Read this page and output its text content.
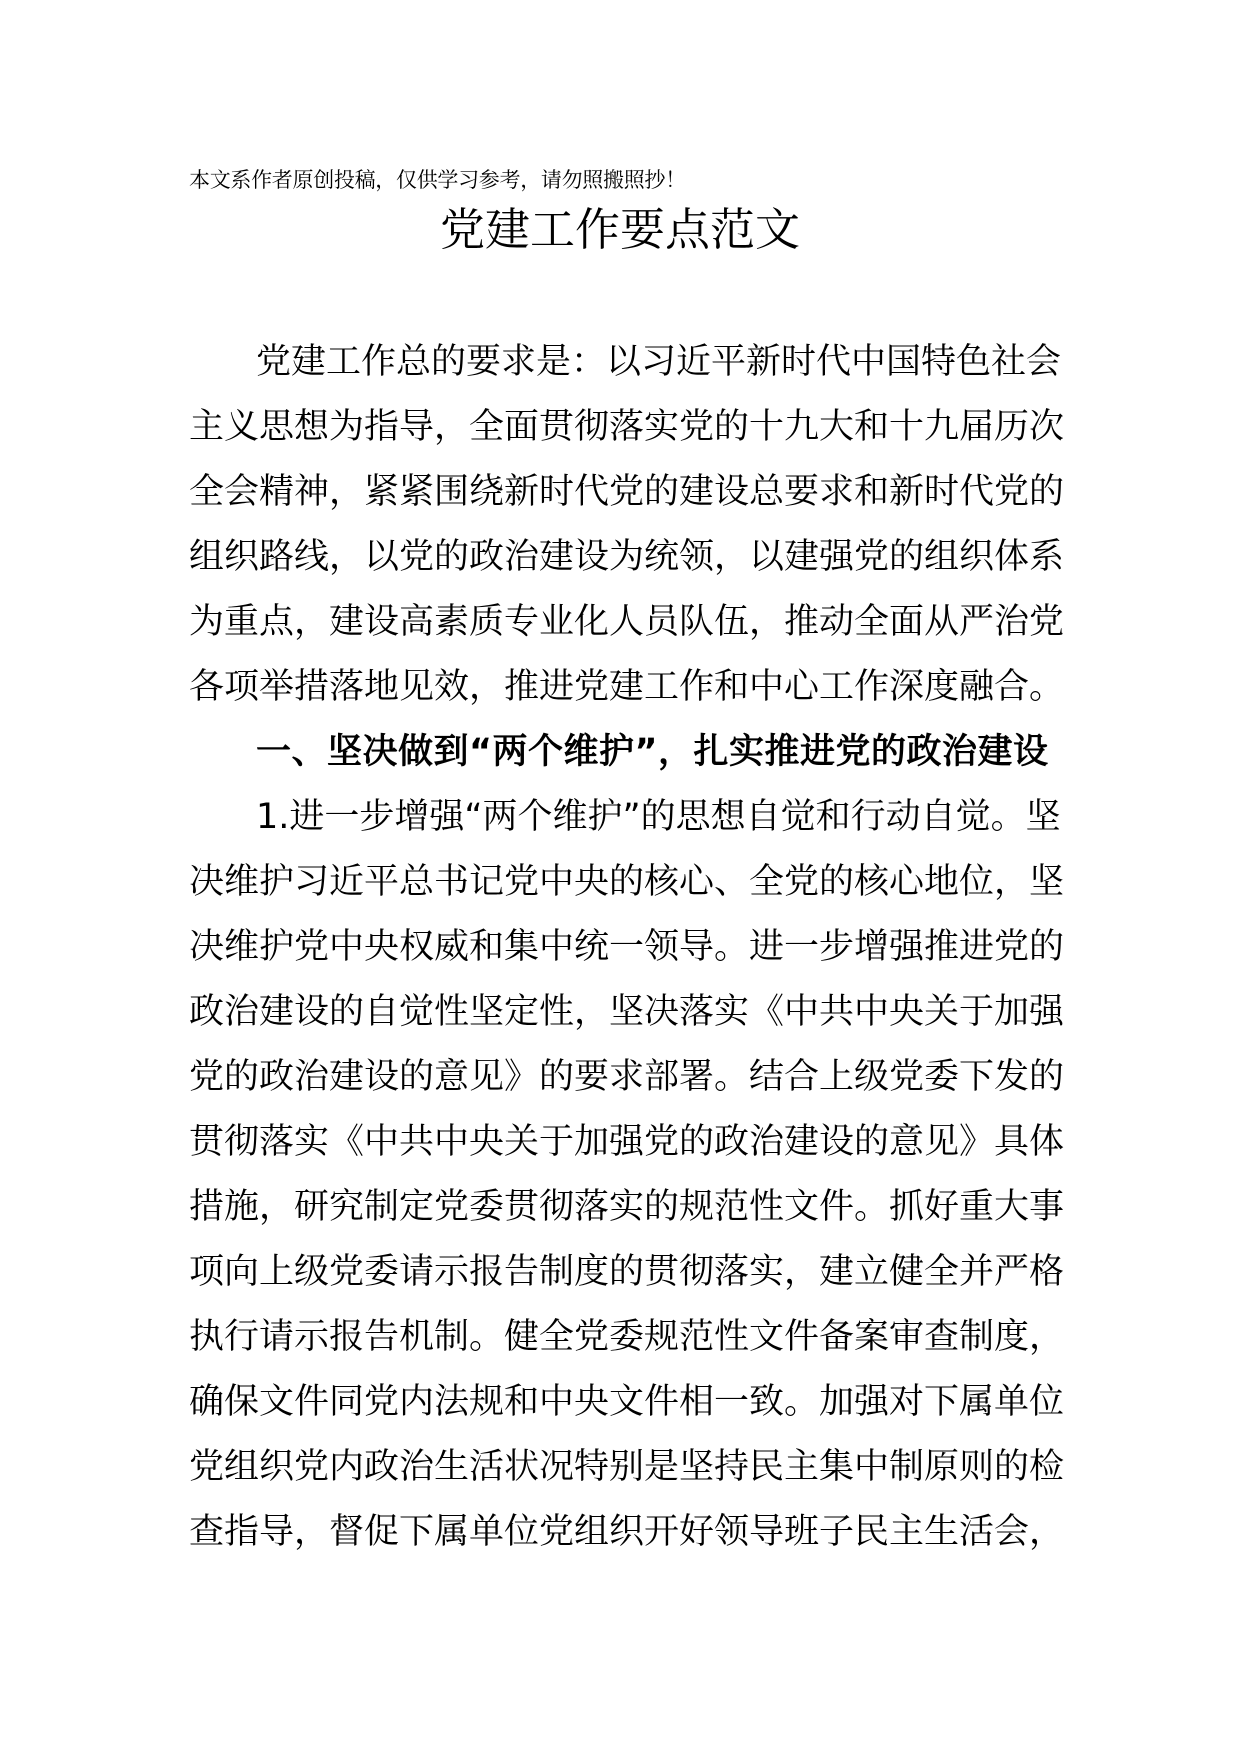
本文系作者原创投稿，仅供学习参考，请勿照搬照抄！
党建工作要点范文
党建工作总的要求是：以习近平新时代中国特色社会
主义思想为指导，全面贯彻落实党的十九大和十九届历次
全会精神，紧紧围绕新时代党的建设总要求和新时代党的
组织路线，以党的政治建设为统领，以建强党的组织体系
为重点，建设高素质专业化人员队伍，推动全面从严治党
各项举措落地见效，推进党建工作和中心工作深度融合。
一、坚决做到“两个维护”，扎实推进党的政治建设
1.进一步增强“两个维护”的思想自觉和行动自觉。坚
决维护习近平总书记党中央的核心、全党的核心地位，坚
决维护党中央权威和集中统一领导。进一步增强推进党的
政治建设的自觉性坚定性，坚决落实《中共中央关于加强
党的政治建设的意见》的要求部署。结合上级党委下发的
贯彻落实《中共中央关于加强党的政治建设的意见》具体
措施，研究制定党委贯彻落实的规范性文件。抓好重大事
项向上级党委请示报告制度的贯彻落实，建立健全并严格
执行请示报告机制。健全党委规范性文件备案审查制度，
确保文件同党内法规和中央文件相一致。加强对下属单位
党组织党内政治生活状况特别是坚持民主集中制原则的检
查指导，督促下属单位党组织开好领导班子民主生活会，
